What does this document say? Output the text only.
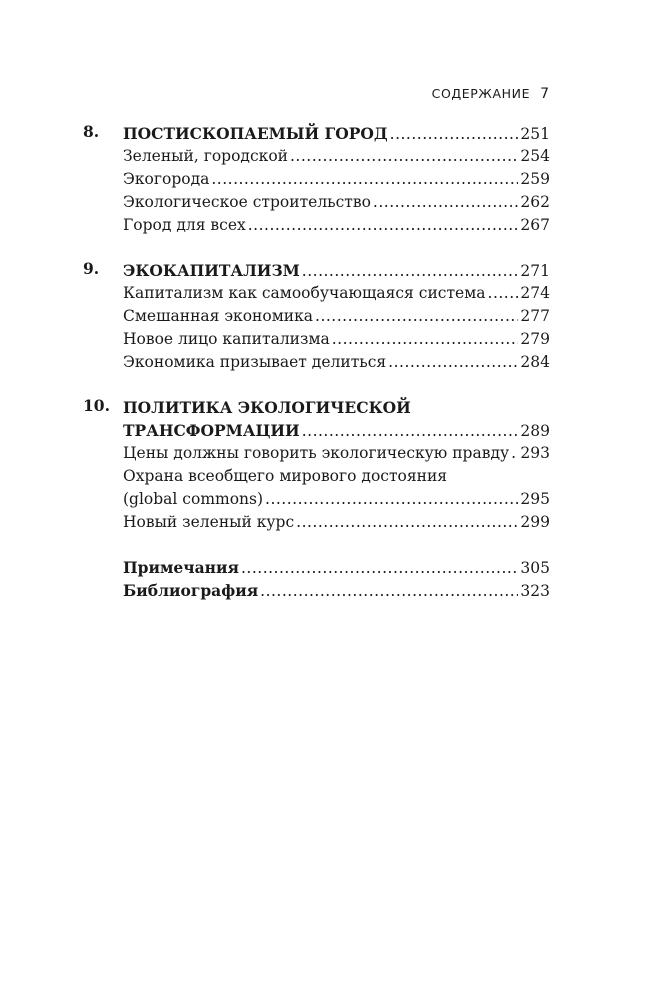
СОДЕРЖАНИЕ 7
8.	ПОСТИСКОПАЕМЫЙ ГОРОД .....	251
Зеленый, городской .....	254
Экогорода .....	259
Экологическое строительство .....	262
Город для всех .....	267
9.	ЭКОКАПИТАЛИЗМ .....	271
Капитализм как самообучающаяся система ..... 274
Смешанная экономика .....	277
Новое лицо капитализма .....	279
Экономика призывает делиться .....	284
10. ПОЛИТИКА ЭКОЛОГИЧЕСКОЙ
ТРАНСФОРМАЦИИ .....	289
Цены должны говорить экологическую правду ..... 293
Охрана всеобщего мирового достояния
(global commons) .....	295
Новый зеленый курс .....	299
Примечания .....	305
Библиография .....	323
